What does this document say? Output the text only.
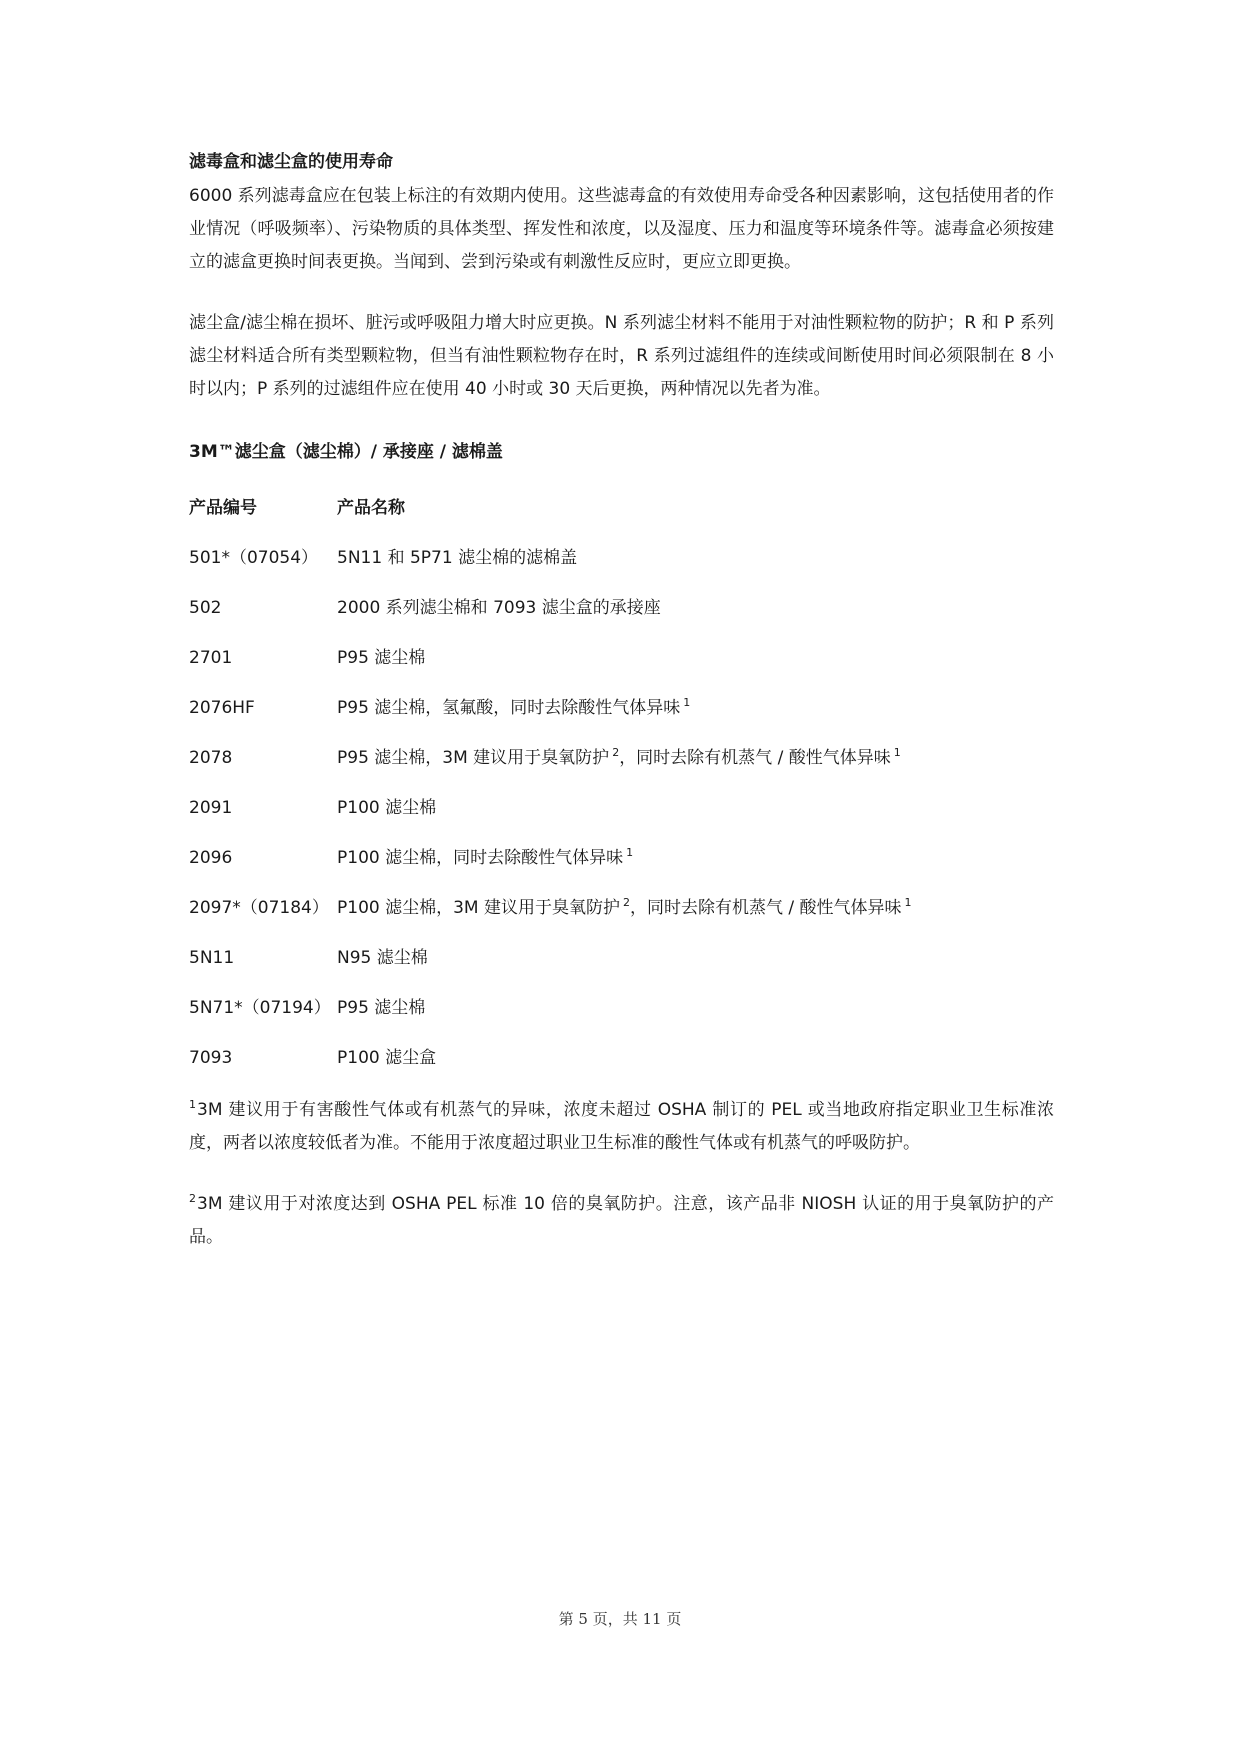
滤毒盒和滤尘盒的使用寿命

6000 系列滤毒盒应在包装上标注的有效期内使用。这些滤毒盒的有效使用寿命受各种因素影响，这包括使用者的作业情况（呼吸频率）、污染物质的具体类型、挥发性和浓度，以及湿度、压力和温度等环境条件等。滤毒盒必须按建立的滤盒更换时间表更换。当闻到、尝到污染或有刺激性反应时，更应立即更换。

滤尘盒/滤尘棉在损坏、脏污或呼吸阻力增大时应更换。N 系列滤尘材料不能用于对油性颗粒物的防护；R 和 P 系列滤尘材料适合所有类型颗粒物，但当有油性颗粒物存在时，R 系列过滤组件的连续或间断使用时间必须限制在 8 小时以内；P 系列的过滤组件应在使用 40 小时或 30 天后更换，两种情况以先者为准。

3M™滤尘盒（滤尘棉）/ 承接座 / 滤棉盖
产品编号	产品名称
501*（07054）	5N11 和 5P71 滤尘棉的滤棉盖
502	2000 系列滤尘棉和 7093 滤尘盒的承接座
2701	P95 滤尘棉
2076HF	P95 滤尘棉，氢氟酸，同时去除酸性气体异味 $^1$
2078	P95 滤尘棉，3M 建议用于臭氧防护 $^2$，同时去除有机蒸气 / 酸性气体异味 $^1$
2091	P100 滤尘棉
2096	P100 滤尘棉，同时去除酸性气体异味 $^1$
2097*（07184） P100 滤尘棉，3M 建议用于臭氧防护 $^2$，同时去除有机蒸气 / 酸性气体异味 $^1$
5N11	N95 滤尘棉
5N71*（07194） P95 滤尘棉
7093	P100 滤尘盒

$^1$3M 建议用于有害酸性气体或有机蒸气的异味，浓度未超过 OSHA 制订的 PEL 或当地政府指定职业卫生标准浓度，两者以浓度较低者为准。不能用于浓度超过职业卫生标准的酸性气体或有机蒸气的呼吸防护。

$^2$3M 建议用于对浓度达到 OSHA PEL 标准 10 倍的臭氧防护。注意，该产品非 NIOSH 认证的用于臭氧防护的产品。

第 5 页，共 11 页
